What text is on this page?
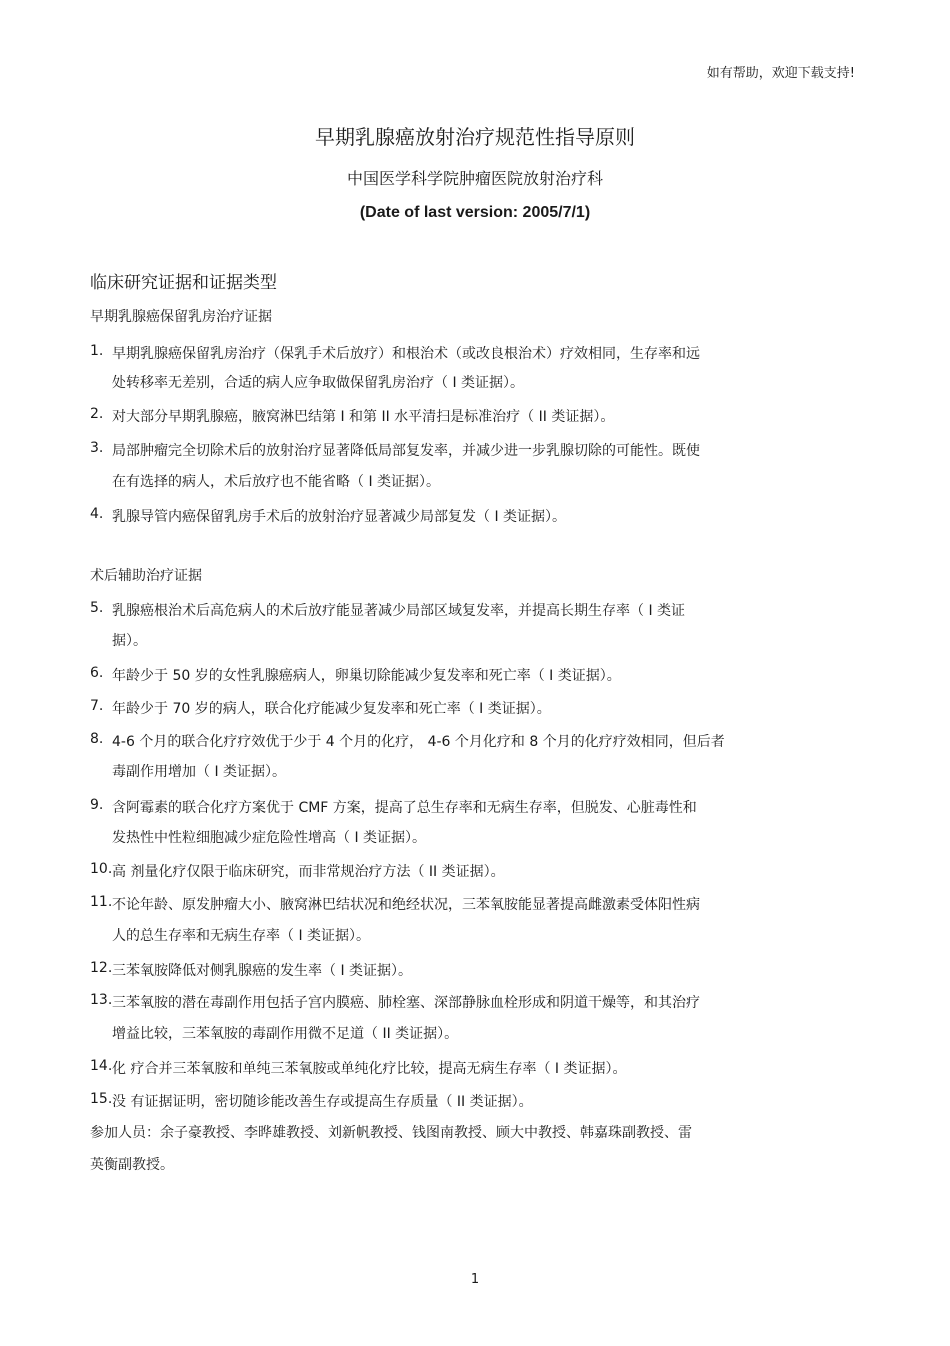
如有帮助，欢迎下载支持!
早期乳腺癌放射治疗规范性指导原则
中国医学科学院肿瘤医院放射治疗科
(Date of last version: 2005/7/1)
临床研究证据和证据类型
早期乳腺癌保留乳房治疗证据
1. 早期乳腺癌保留乳房治疗（保乳手术后放疗）和根治术（或改良根治术）疗效相同，生存率和远
处转移率无差别，合适的病人应争取做保留乳房治疗（ I 类证据）。
2. 对大部分早期乳腺癌，腋窝淋巴结第 I 和第 II 水平清扫是标准治疗（ II 类证据）。
3. 局部肿瘤完全切除术后的放射治疗显著降低局部复发率，并减少进一步乳腺切除的可能性。既使
在有选择的病人，术后放疗也不能省略（ I 类证据）。
4. 乳腺导管内癌保留乳房手术后的放射治疗显著减少局部复发（ I 类证据）。
术后辅助治疗证据
5. 乳腺癌根治术后高危病人的术后放疗能显著减少局部区域复发率，并提高长期生存率（ I 类证
据）。
6. 年龄少于 50 岁的女性乳腺癌病人，卵巢切除能减少复发率和死亡率（ I 类证据）。
7. 年龄少于 70 岁的病人，联合化疗能减少复发率和死亡率（ I 类证据）。
8. 4-6 个月的联合化疗疗效优于少于 4 个月的化疗， 4-6 个月化疗和 8 个月的化疗疗效相同，但后者
毒副作用增加（ I 类证据）。
9. 含阿霉素的联合化疗方案优于 CMF 方案，提高了总生存率和无病生存率，但脱发、心脏毒性和
发热性中性粒细胞减少症危险性增高（ I 类证据）。
10. 高 剂量化疗仅限于临床研究，而非常规治疗方法（ II 类证据）。
11. 不论年龄、原发肿瘤大小、腋窝淋巴结状况和绝经状况，三苯氧胺能显著提高雌激素受体阳性病
人的总生存率和无病生存率（ I 类证据）。
12. 三苯氧胺降低对侧乳腺癌的发生率（ I 类证据）。
13. 三苯氧胺的潜在毒副作用包括子宫内膜癌、肺栓塞、深部静脉血栓形成和阴道干燥等，和其治疗
增益比较，三苯氧胺的毒副作用微不足道（ II 类证据）。
14. 化 疗合并三苯氧胺和单纯三苯氧胺或单纯化疗比较，提高无病生存率（ I 类证据）。
15. 没 有证据证明，密切随诊能改善生存或提高生存质量（ II 类证据）。
参加人员：余子豪教授、李晔雄教授、刘新帆教授、钱图南教授、顾大中教授、韩嘉珠副教授、雷
英衡副教授。
1
